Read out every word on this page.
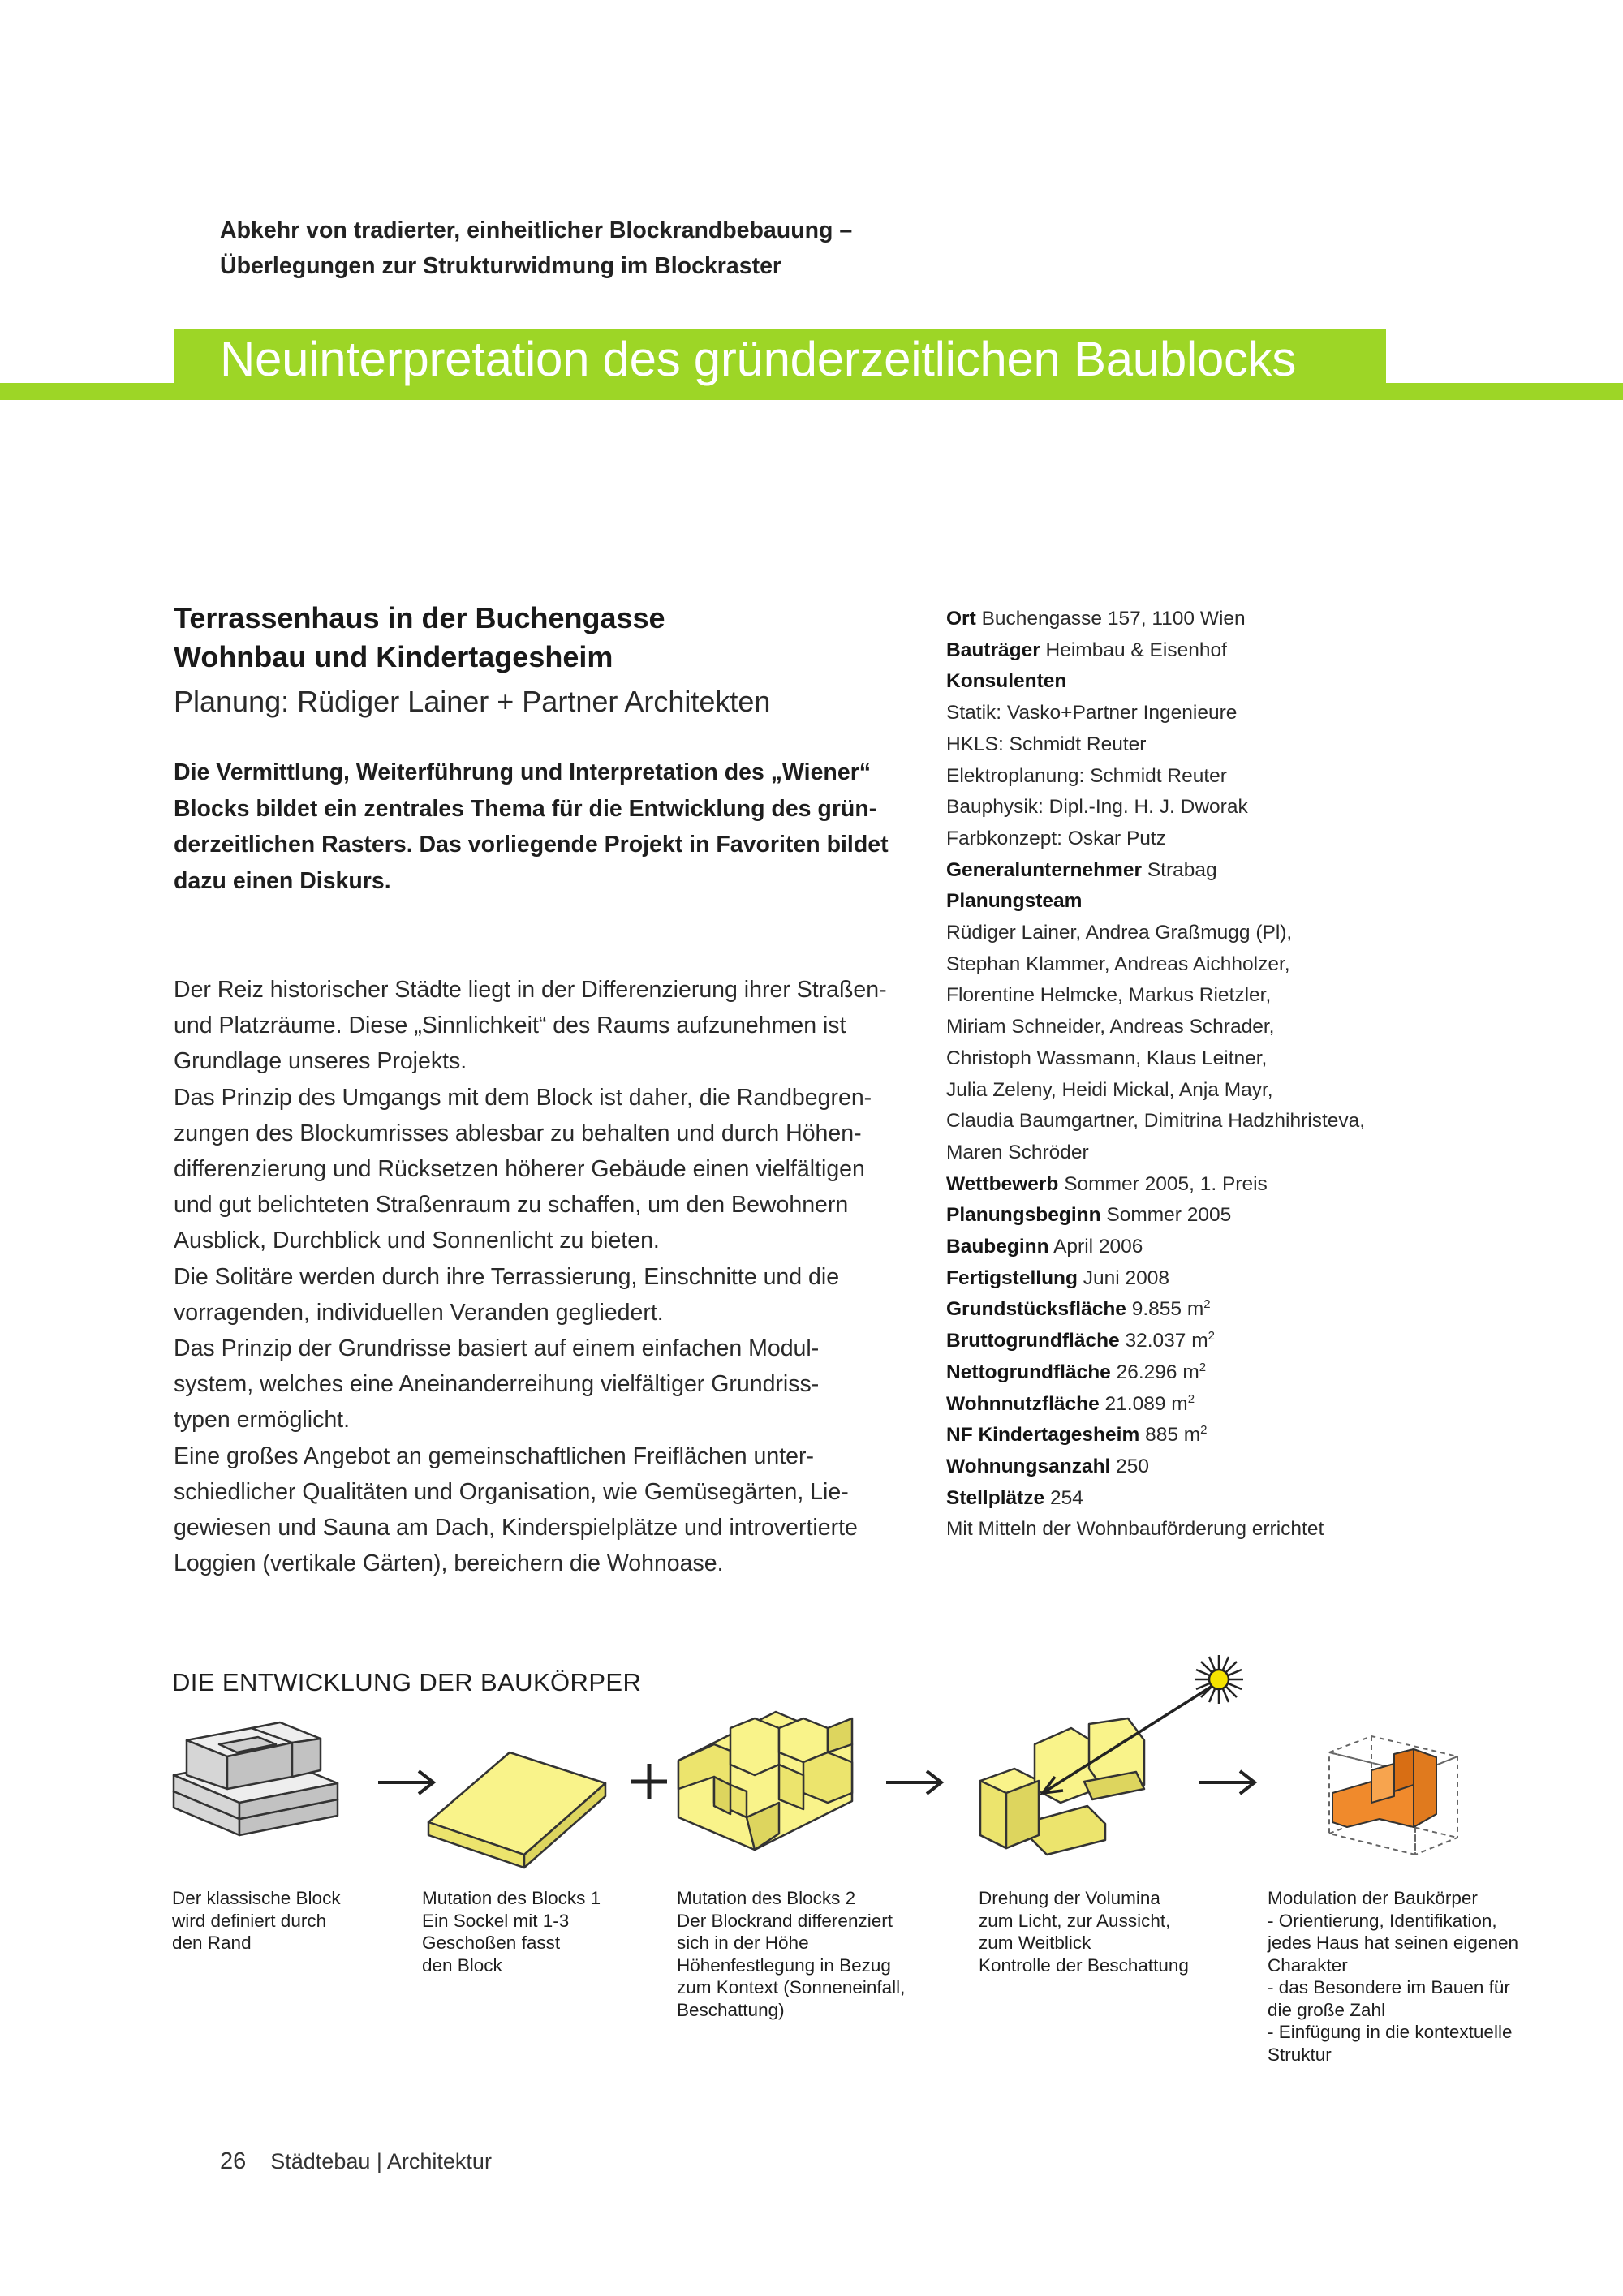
Abkehr von tradierter, einheitlicher Blockrandbebauung –
Überlegungen zur Strukturwidmung im Blockraster
Neuinterpretation des gründerzeitlichen Baublocks
Terrassenhaus in der Buchengasse
Wohnbau und Kindertagesheim
Planung: Rüdiger Lainer + Partner Architekten
Die Vermittlung, Weiterführung und Interpretation des „Wiener“
Blocks bildet ein zentrales Thema für die Entwicklung des grün-
derzeitlichen Rasters. Das vorliegende Projekt in Favoriten bildet
dazu einen Diskurs.
Der Reiz historischer Städte liegt in der Differenzierung ihrer Straßen-
und Platzräume. Diese „Sinnlichkeit“ des Raums aufzunehmen ist
Grundlage unseres Projekts.
Das Prinzip des Umgangs mit dem Block ist daher, die Randbegren-
zungen des Blockumrisses ablesbar zu behalten und durch Höhen-
differenzierung und Rücksetzen höherer Gebäude einen vielfältigen
und gut belichteten Straßenraum zu schaffen, um den Bewohnern
Ausblick, Durchblick und Sonnenlicht zu bieten.
Die Solitäre werden durch ihre Terrassierung, Einschnitte und die
vorragenden, individuellen Veranden gegliedert.
Das Prinzip der Grundrisse basiert auf einem einfachen Modul-
system, welches eine Aneinanderreihung vielfältiger Grundriss-
typen ermöglicht.
Eine großes Angebot an gemeinschaftlichen Freiflächen unter-
schiedlicher Qualitäten und Organisation, wie Gemüsegärten, Lie-
gewiesen und Sauna am Dach, Kinderspielplätze und introvertierte
Loggien (vertikale Gärten), bereichern die Wohnoase.
Ort Buchengasse 157, 1100 Wien
Bauträger Heimbau & Eisenhof
Konsulenten
Statik: Vasko+Partner Ingenieure
HKLS: Schmidt Reuter
Elektroplanung: Schmidt Reuter
Bauphysik: Dipl.-Ing. H. J. Dworak
Farbkonzept: Oskar Putz
Generalunternehmer Strabag
Planungsteam
Rüdiger Lainer, Andrea Graßmugg (Pl),
Stephan Klammer, Andreas Aichholzer,
Florentine Helmcke, Markus Rietzler,
Miriam Schneider, Andreas Schrader,
Christoph Wassmann, Klaus Leitner,
Julia Zeleny, Heidi Mickal, Anja Mayr,
Claudia Baumgartner, Dimitrina Hadzhihristeva,
Maren Schröder
Wettbewerb Sommer 2005, 1. Preis
Planungsbeginn Sommer 2005
Baubeginn April 2006
Fertigstellung Juni 2008
Grundstücksfläche 9.855 $m^2$
Bruttogrundfläche 32.037 $m^2$
Nettogrundfläche 26.296 $m^2$
Wohnnutzfläche 21.089 $m^2$
NF Kindertagesheim 885 $m^2$
Wohnungsanzahl 250
Stellplätze 254
Mit Mitteln der Wohnbauförderung errichtet
DIE ENTWICKLUNG DER BAUKÖRPER
Der klassische Block
wird definiert durch
den Rand
Mutation des Blocks 1
Ein Sockel mit 1-3
Geschoßen fasst
den Block
Mutation des Blocks 2
Der Blockrand differenziert
sich in der Höhe
Höhenfestlegung in Bezug
zum Kontext (Sonneneinfall,
Beschattung)
Drehung der Volumina
zum Licht, zur Aussicht,
zum Weitblick
Kontrolle der Beschattung
Modulation der Baukörper
- Orientierung, Identifikation,
jedes Haus hat seinen eigenen
Charakter
- das Besondere im Bauen für
die große Zahl
- Einfügung in die kontextuelle
Struktur
26 Städtebau | Architektur
